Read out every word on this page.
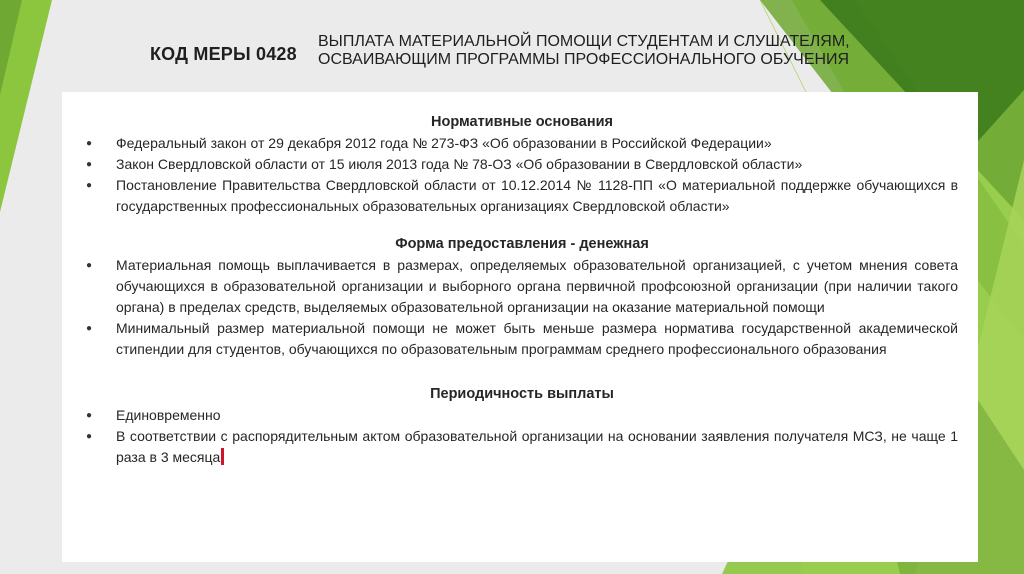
КОД МЕРЫ 0428
ВЫПЛАТА МАТЕРИАЛЬНОЙ ПОМОЩИ СТУДЕНТАМ И СЛУШАТЕЛЯМ, ОСВАИВАЮЩИМ ПРОГРАММЫ ПРОФЕССИОНАЛЬНОГО ОБУЧЕНИЯ
Нормативные основания
●	Федеральный закон от 29 декабря 2012 года № 273-ФЗ «Об образовании в Российской Федерации»
●	Закон Свердловской области от 15 июля 2013 года № 78-ОЗ «Об образовании в Свердловской области»
●	Постановление Правительства Свердловской области от 10.12.2014 № 1128-ПП «О материальной поддержке обучающихся в государственных профессиональных образовательных организациях Свердловской области»
Форма предоставления - денежная
●	Материальная помощь выплачивается в размерах, определяемых образовательной организацией, с учетом мнения совета обучающихся в образовательной организации и выборного органа первичной профсоюзной организации (при наличии такого органа) в пределах средств, выделяемых образовательной организации на оказание материальной помощи
●	Минимальный размер материальной помощи не может быть меньше размера норматива государственной академической стипендии для студентов, обучающихся по образовательным программам среднего профессионального образования
Периодичность выплаты
●	Единовременно
●	В соответствии с распорядительным актом образовательной организации на основании заявления получателя МСЗ, не чаще 1 раза в 3 месяца
